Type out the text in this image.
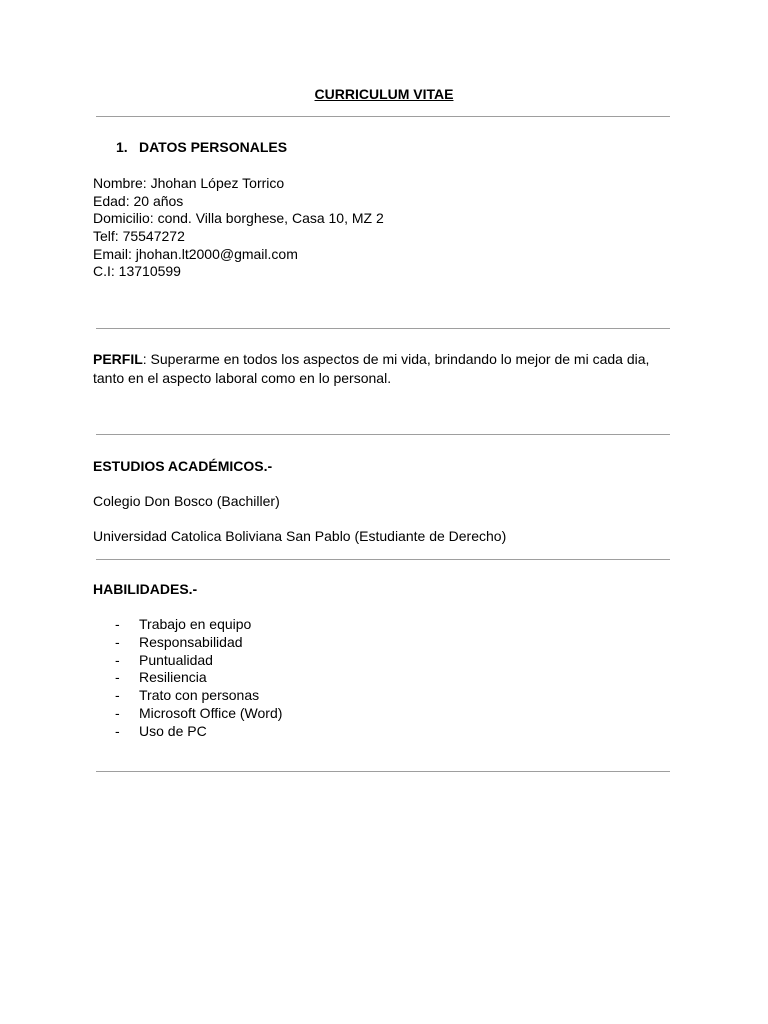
CURRICULUM VITAE
1. DATOS PERSONALES
Nombre: Jhohan López Torrico
Edad: 20 años
Domicilio: cond. Villa borghese, Casa 10, MZ 2
Telf: 75547272
Email: jhohan.lt2000@gmail.com
C.I: 13710599
PERFIL: Superarme en todos los aspectos de mi vida, brindando lo mejor de mi cada dia, tanto en el aspecto laboral como en lo personal.
ESTUDIOS ACADÉMICOS.-
Colegio Don Bosco (Bachiller)
Universidad Catolica Boliviana San Pablo (Estudiante de Derecho)
HABILIDADES.-
- Trabajo en equipo
- Responsabilidad
- Puntualidad
- Resiliencia
- Trato con personas
- Microsoft Office (Word)
- Uso de PC
